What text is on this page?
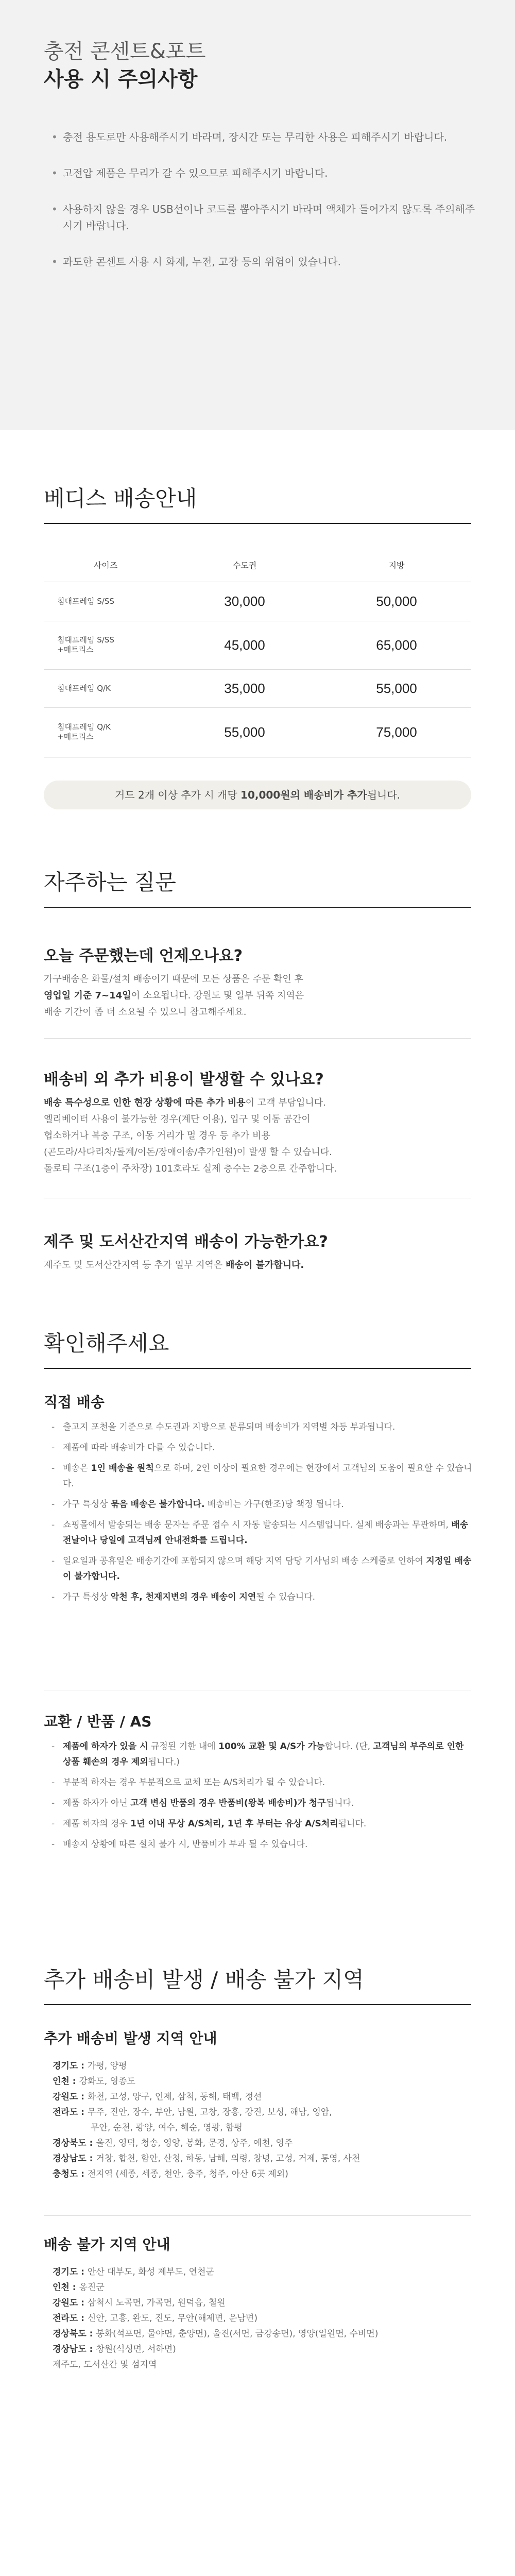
충전 콘센트&포트
사용 시 주의사항
• 충전 용도로만 사용해주시기 바라며, 장시간 또는 무리한 사용은 피해주시기 바랍니다.
• 고전압 제품은 무리가 갈 수 있으므로 피해주시기 바랍니다.
• 사용하지 않을 경우 USB선이나 코드를 뽑아주시기 바라며 액체가 들어가지 않도록 주의해주시기 바랍니다.
• 과도한 콘센트 사용 시 화재, 누전, 고장 등의 위험이 있습니다.
베디스 배송안내
사이즈	수도권	지방
침대프레임 S/SS	30,000	50,000
침대프레임 S/SS
+매트리스	45,000	65,000
침대프레임 Q/K	35,000	55,000
침대프레임 Q/K
+매트리스	55,000	75,000
거드 2개 이상 추가 시 개당 10,000원의 배송비가 추가됩니다.
자주하는 질문
오늘 주문했는데 언제오나요?
가구배송은 화물/설치 배송이기 때문에 모든 상품은 주문 확인 후
영업일 기준 7~14일이 소요됩니다. 강원도 및 일부 뒤쪽 지역은
배송 기간이 좀 더 소요될 수 있으니 참고해주세요.
배송비 외 추가 비용이 발생할 수 있나요?
배송 특수성으로 인한 현장 상황에 따른 추가 비용이 고객 부담입니다.
엘리베이터 사용이 불가능한 경우(계단 이용), 입구 및 이동 공간이
협소하거나 복층 구조, 이동 거리가 멀 경우 등 추가 비용
(곤도라/사다리차/돌계/이돈/장애이송/추가인원)이 발생 할 수 있습니다.
돌로티 구조(1층이 주차장) 101호라도 실제 층수는 2층으로 간주합니다.
제주 및 도서산간지역 배송이 가능한가요?
제주도 및 도서산간지역 등 추가 일부 지역은 배송이 불가합니다.
확인해주세요
직접 배송
- 출고지 포천을 기준으로 수도권과 지방으로 분류되며 배송비가 지역별 차등 부과됩니다.
- 제품에 따라 배송비가 다를 수 있습니다.
- 배송은 1인 배송을 원칙으로 하며, 2인 이상이 필요한 경우에는 현장에서 고객님의 도움이 필요할 수 있습니다.
- 가구 특성상 묶음 배송은 불가합니다. 배송비는 가구(한조)당 책정 됩니다.
- 쇼핑몰에서 발송되는 배송 문자는 주문 접수 시 자동 발송되는 시스템입니다. 실제 배송과는 무관하며, 배송 전날이나 당일에 고객님께 안내전화를 드립니다.
- 일요일과 공휴일은 배송기간에 포함되지 않으며 해당 지역 담당 기사님의 배송 스케줄로 인하여 지정일 배송이 불가합니다.
- 가구 특성상 악천 후, 천재지변의 경우 배송이 지연될 수 있습니다.
교환 / 반품 / AS
- 제품에 하자가 있을 시 규정된 기한 내에 100% 교환 및 A/S가 가능합니다. (단, 고객님의 부주의로 인한 상품 훼손의 경우 제외됩니다.)
- 부분적 하자는 경우 부분적으로 교체 또는 A/S처리가 될 수 있습니다.
- 제품 하자가 아닌 고객 변심 반품의 경우 반품비(왕복 배송비)가 청구됩니다.
- 제품 하자의 경우 1년 이내 무상 A/S처리, 1년 후 부터는 유상 A/S처리됩니다.
- 배송지 상황에 따른 설치 불가 시, 반품비가 부과 될 수 있습니다.
추가 배송비 발생 / 배송 불가 지역
추가 배송비 발생 지역 안내
경기도 : 가평, 양평
인천 : 강화도, 영종도
강원도 : 화천, 고성, 양구, 인제, 삼척, 동해, 태백, 정선
전라도 : 무주, 진안, 장수, 부안, 남원, 고창, 장흥, 강진, 보성, 해남, 영암,
무안, 순천, 광양, 여수, 해순, 영광, 함평
경상북도 : 울진, 영덕, 청송, 영양, 봉화, 문경, 상주, 예천, 영주
경상남도 : 거창, 합천, 함안, 산청, 하동, 남해, 의령, 창녕, 고성, 거제, 통영, 사천
충청도 : 전지역 (세종, 세종, 천안, 충주, 청주, 아산 6곳 제외)
배송 불가 지역 안내
경기도 : 안산 대부도, 화성 제부도, 연천군
인천 : 옹진군
강원도 : 삼척시 노곡면, 가곡면, 원덕읍, 철원
전라도 : 신안, 고흥, 완도, 진도, 무안(해제면, 운남면)
경상북도 : 봉화(석포면, 물야면, 춘양면), 울진(서면, 금강송면), 영양(일원면, 수비면)
경상남도 : 창원(석성면, 서하면)
제주도, 도서산간 및 섬지역
